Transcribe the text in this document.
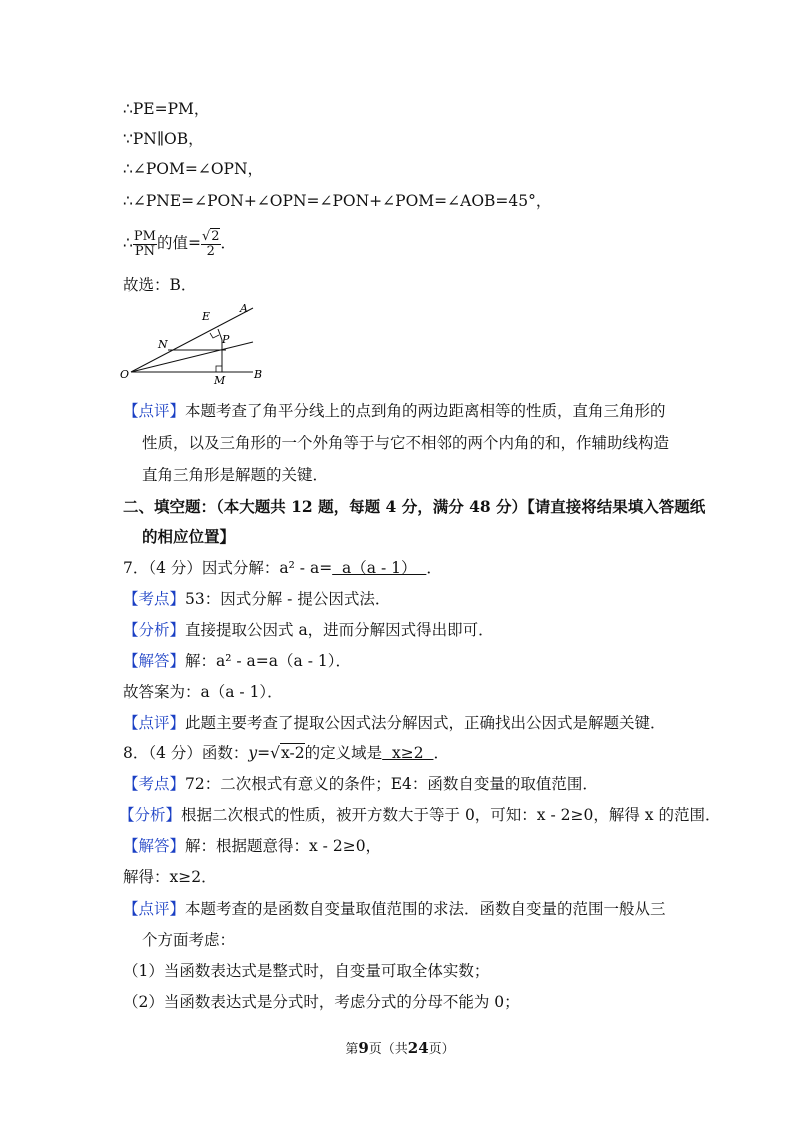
∴PE=PM，
∵PN∥OB，
∴∠POM=∠OPN，
∴∠PNE=∠PON+∠OPN=∠PON+∠POM=∠AOB=45°，
∴ $\frac{PM}{PN}$ 的值= $\frac{√2}{2}$ ．
故选：B．
A
E
N	P
O	M	B
【点评】本题考查了角平分线上的点到角的两边距离相等的性质，直角三角形的
性质，以及三角形的一个外角等于与它不相邻的两个内角的和，作辅助线构造
直角三角形是解题的关键．
二、填空题：（本大题共 12 题，每题 4 分，满分 48 分）【请直接将结果填入答题纸
的相应位置】
7．（4 分）因式分解：a² - a=  a（a - 1）  ．
【考点】53：因式分解 - 提公因式法．
【分析】直接提取公因式 a，进而分解因式得出即可．
【解答】解：a² - a=a（a - 1）．
故答案为：a（a - 1）．
【点评】此题主要考查了提取公因式法分解因式，正确找出公因式是解题关键．
8．（4 分）函数：y=√x-2的定义域是  x≥2  ．
【考点】72：二次根式有意义的条件；E4：函数自变量的取值范围．
【分析】根据二次根式的性质，被开方数大于等于 0，可知：x - 2≥0，解得 x 的范围．
【解答】解：根据题意得：x - 2≥0，
解得：x≥2．
【点评】本题考查的是函数自变量取值范围的求法．函数自变量的范围一般从三
个方面考虑：
（1）当函数表达式是整式时，自变量可取全体实数；
（2）当函数表达式是分式时，考虑分式的分母不能为 0；
第9页（共24页）
